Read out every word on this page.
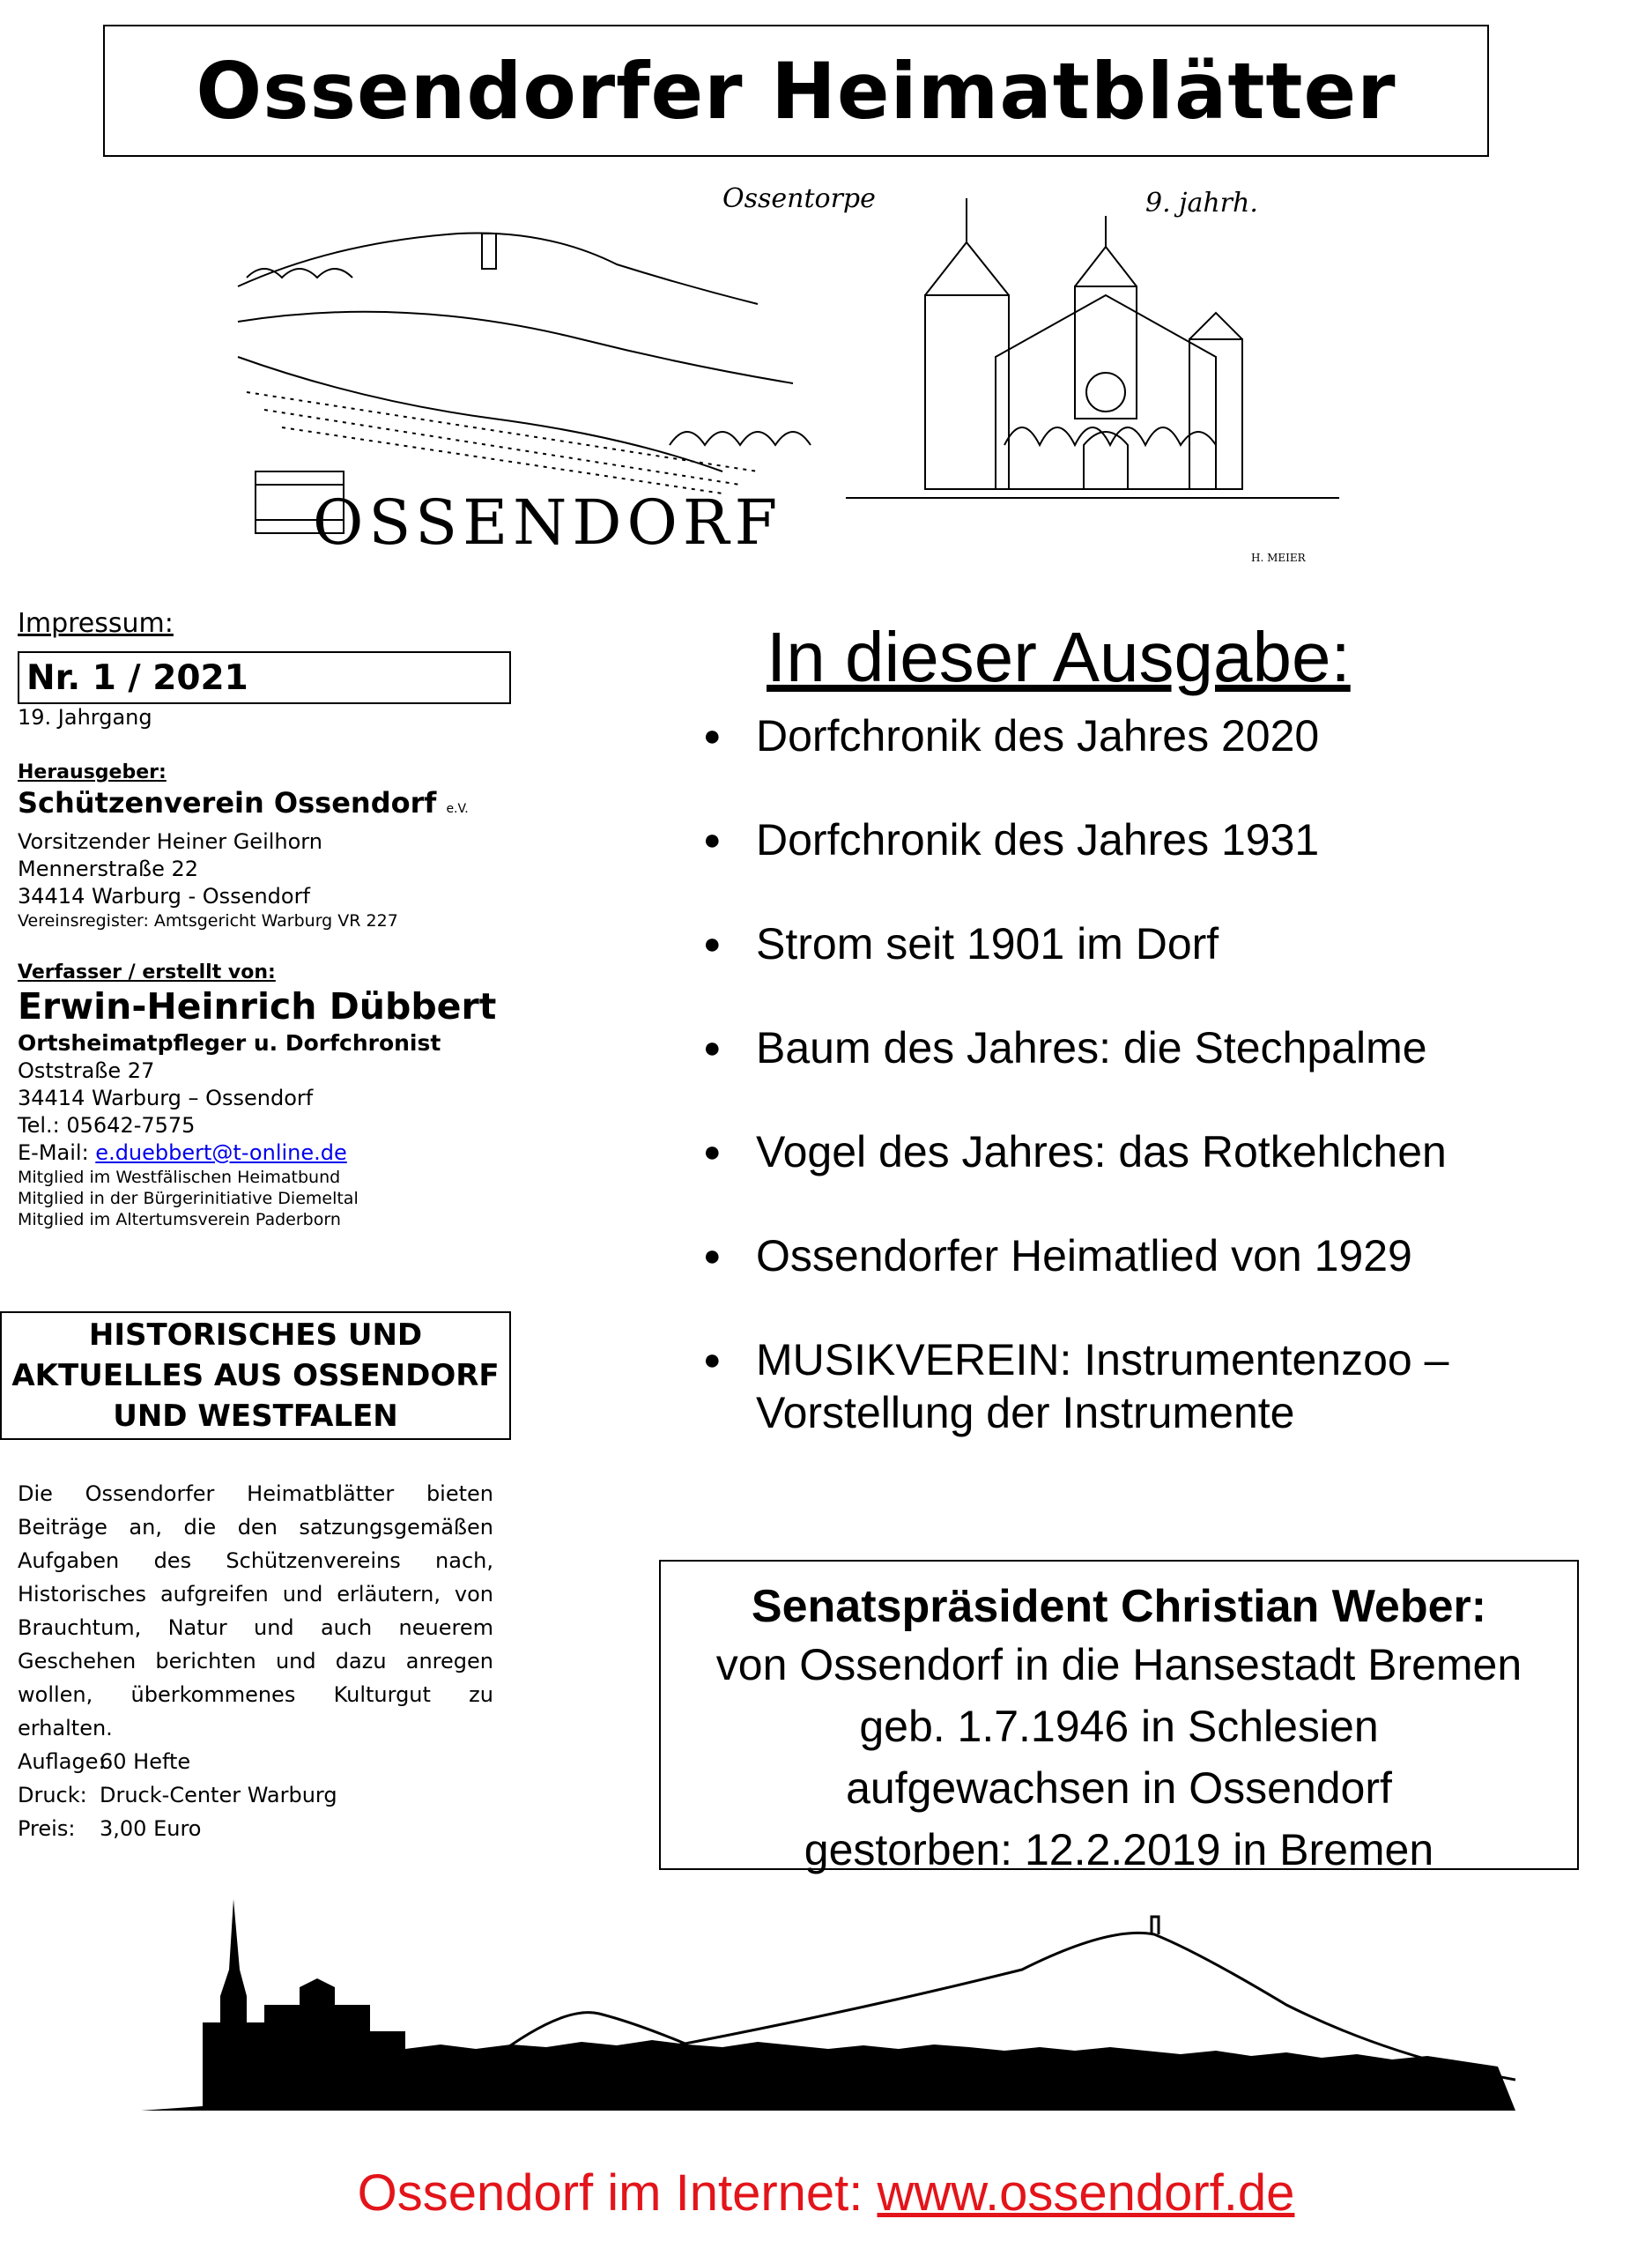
Ossendorfer Heimatblätter
Ossentorpe	9. jahrh.
OSSENDORF	H. MEIER
Impressum:
Nr. 1 / 2021
19. Jahrgang
Herausgeber:
Schützenverein Ossendorf e.V.
Vorsitzender Heiner Geilhorn
Mennerstraße 22
34414 Warburg - Ossendorf
Vereinsregister: Amtsgericht Warburg VR 227
Verfasser / erstellt von:
Erwin-Heinrich Dübbert
Ortsheimatpfleger u. Dorfchronist
Oststraße 27
34414 Warburg – Ossendorf
Tel.: 05642-7575
E-Mail: e.duebbert@t-online.de
Mitglied im Westfälischen Heimatbund
Mitglied in der Bürgerinitiative Diemeltal
Mitglied im Altertumsverein Paderborn
HISTORISCHES UND
AKTUELLES AUS OSSENDORF
UND WESTFALEN
Die Ossendorfer Heimatblätter bieten Beiträge an, die den satzungsgemäßen Aufgaben des Schützenvereins nach, Historisches aufgreifen und erläutern, von Brauchtum, Natur und auch neuerem Geschehen berichten und dazu anregen wollen, überkommenes Kulturgut zu erhalten.
Auflage:
60 Hefte
Druck: Druck-Center Warburg
Preis:	3,00 Euro
In dieser Ausgabe:
● Dorfchronik des Jahres 2020
● Dorfchronik des Jahres 1931
● Strom seit 1901 im Dorf
● Baum des Jahres: die Stechpalme
● Vogel des Jahres: das Rotkehlchen
● Ossendorfer Heimatlied von 1929
● MUSIKVEREIN: Instrumentenzoo –
Vorstellung der Instrumente
Senatspräsident Christian Weber:
von Ossendorf in die Hansestadt Bremen
geb. 1.7.1946 in Schlesien
aufgewachsen in Ossendorf
gestorben: 12.2.2019 in Bremen
Ossendorf im Internet: www.ossendorf.de
